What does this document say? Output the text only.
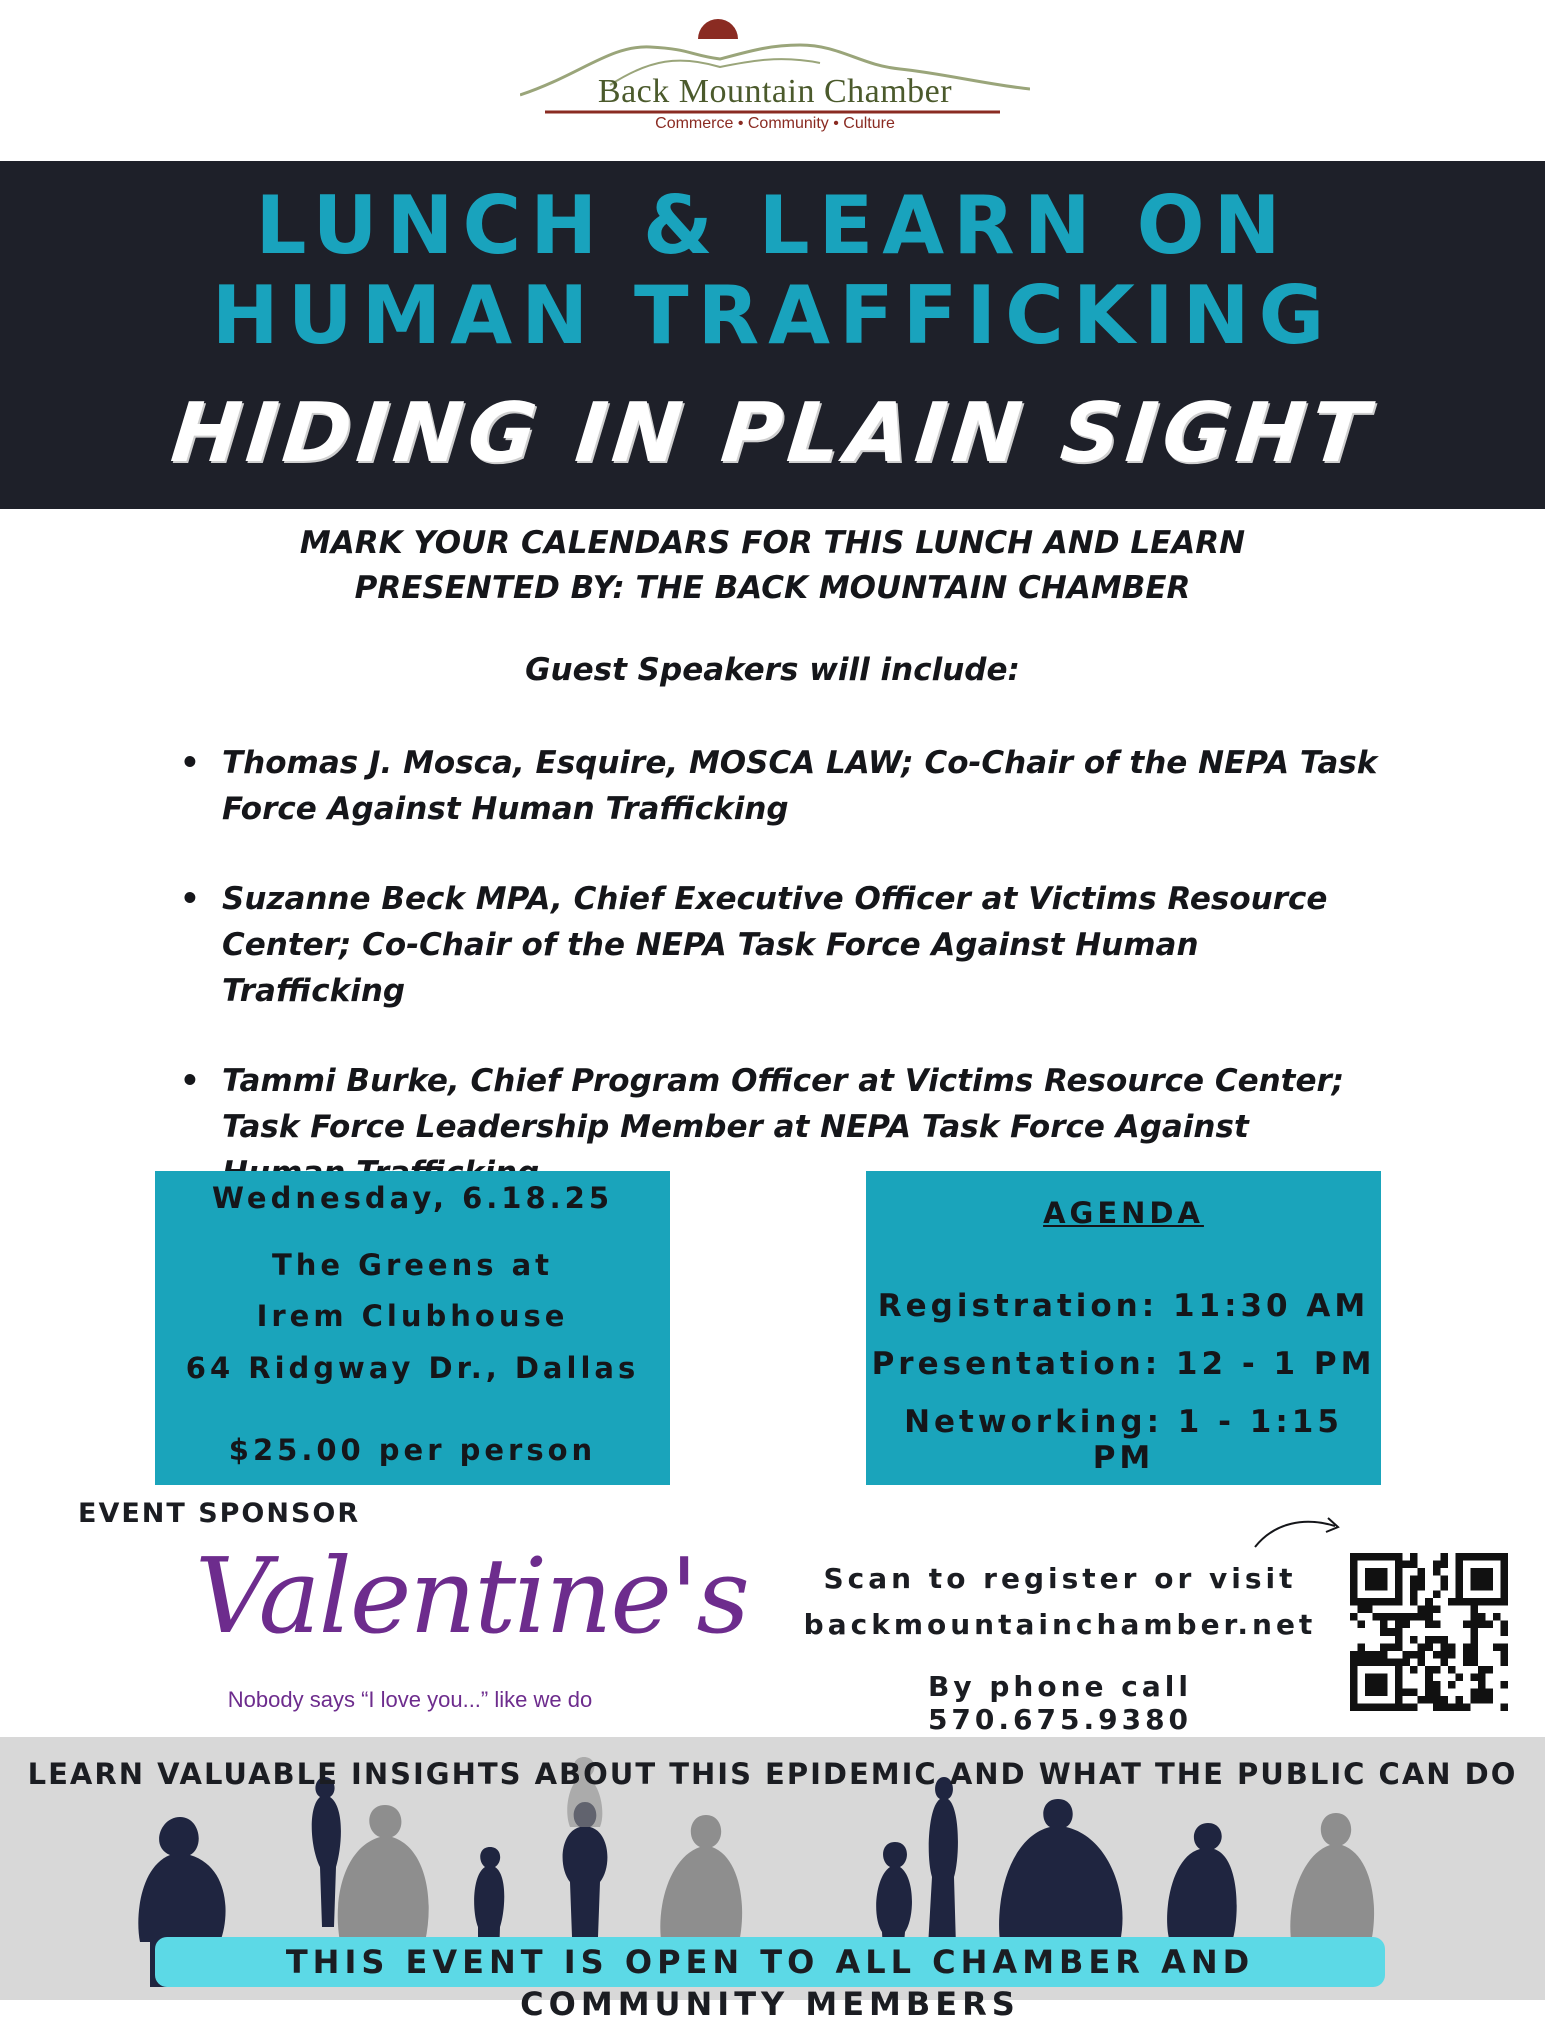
Back Mountain Chamber
Commerce • Community • Culture
LUNCH & LEARN ON
HUMAN TRAFFICKING
HIDING IN PLAIN SIGHT
MARK YOUR CALENDARS FOR THIS LUNCH AND LEARN
PRESENTED BY: THE BACK MOUNTAIN CHAMBER
Guest Speakers will include:
• Thomas J. Mosca, Esquire, MOSCA LAW; Co-Chair of the NEPA Task Force Against Human Trafficking
• Suzanne Beck MPA, Chief Executive Officer at Victims Resource Center; Co-Chair of the NEPA Task Force Against Human Trafficking
• Tammi Burke, Chief Program Officer at Victims Resource Center; Task Force Leadership Member at NEPA Task Force Against
Wednesday, 6.18.25
The Greens at
Irem Clubhouse
64 Ridgway Dr., Dallas
$25.00 per person
AGENDA
Registration: 11:30 AM
Presentation: 12 - 1 PM
Networking: 1 - 1:15 PM
EVENT SPONSOR
Valentine's
Nobody says “I love you...” like we do
Scan to register or visit
backmountainchamber.net
By phone call 570.675.9380
LEARN VALUABLE INSIGHTS ABOUT THIS EPIDEMIC AND WHAT THE PUBLIC CAN DO
THIS EVENT IS OPEN TO ALL CHAMBER AND COMMUNITY MEMBERS
